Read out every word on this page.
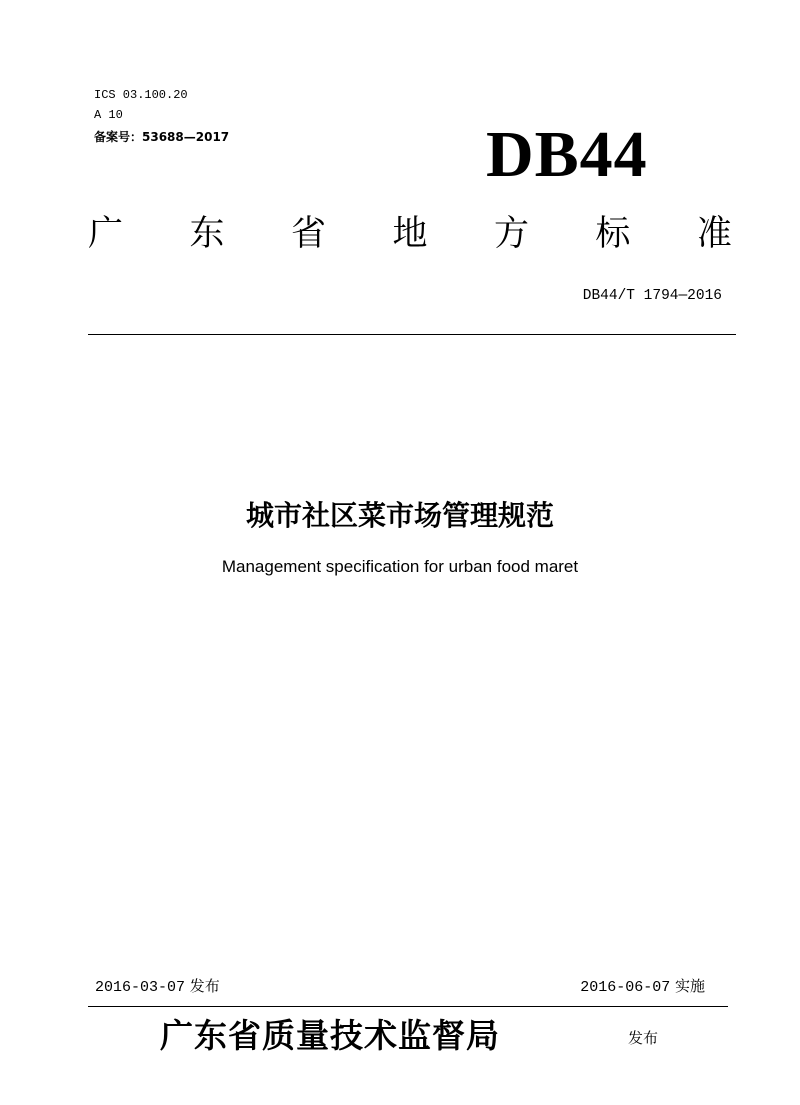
ICS 03.100.20
A 10
备案号：53688—2017	DB44
广 东 省 地 方 标 准
DB44/T 1794—2016
城市社区菜市场管理规范
Management specification for urban food maret
2016-03-07 发布	2016-06-07 实施
广东省质量技术监督局	发布
